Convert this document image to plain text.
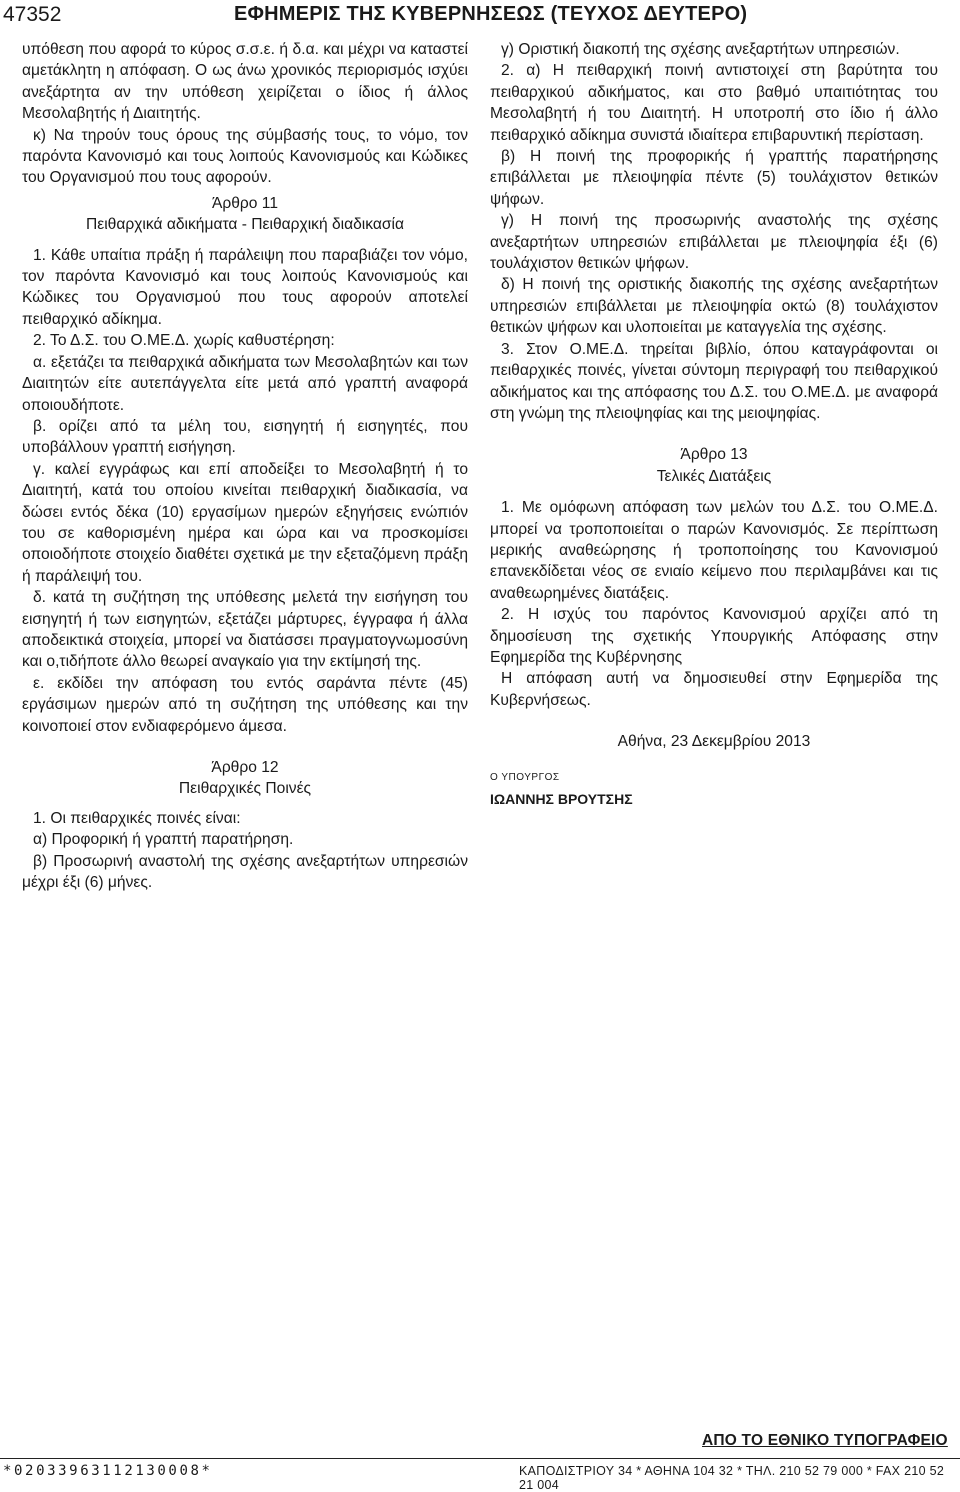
47352	ΕΦΗΜΕΡΙΣ ΤΗΣ ΚΥΒΕΡΝΗΣΕΩΣ (ΤΕΥΧΟΣ ΔΕΥΤΕΡΟ)

υπόθεση που αφορά το κύρος σ.σ.ε. ή δ.α. και μέχρι να καταστεί αμετάκλητη η απόφαση. Ο ως άνω χρονικός περιορισμός ισχύει ανεξάρτητα αν την υπόθεση χειρίζεται ο ίδιος ή άλλος Μεσολαβητής ή Διαιτητής.

κ) Να τηρούν τους όρους της σύμβασής τους, το νόμο, τον παρόντα Κανονισμό και τους λοιπούς Κανονισμούς και Κώδικες του Οργανισμού που τους αφορούν.

Άρθρο 11

Πειθαρχικά αδικήματα - Πειθαρχική διαδικασία

1. Κάθε υπαίτια πράξη ή παράλειψη που παραβιάζει τον νόμο, τον παρόντα Κανονισμό και τους λοιπούς Κανονισμούς και Κώδικες του Οργανισμού που τους αφορούν αποτελεί πειθαρχικό αδίκημα.

2. Το Δ.Σ. του Ο.ΜΕ.Δ. χωρίς καθυστέρηση:

α. εξετάζει τα πειθαρχικά αδικήματα των Μεσολαβητών και των Διαιτητών είτε αυτεπάγγελτα είτε μετά από γραπτή αναφορά οποιουδήποτε.

β. ορίζει από τα μέλη του, εισηγητή ή εισηγητές, που υποβάλλουν γραπτή εισήγηση.

γ. καλεί εγγράφως και επί αποδείξει το Μεσολαβητή ή το Διαιτητή, κατά του οποίου κινείται πειθαρχική διαδικασία, να δώσει εντός δέκα (10) εργασίμων ημερών εξηγήσεις ενώπιόν του σε καθορισμένη ημέρα και ώρα και να προσκομίσει οποιοδήποτε στοιχείο διαθέτει σχετικά με την εξεταζόμενη πράξη ή παράλειψή του.

δ. κατά τη συζήτηση της υπόθεσης μελετά την εισήγηση του εισηγητή ή των εισηγητών, εξετάζει μάρτυρες, έγγραφα ή άλλα αποδεικτικά στοιχεία, μπορεί να διατάσσει πραγματογνωμοσύνη και ο,τιδήποτε άλλο θεωρεί αναγκαίο για την εκτίμησή της.

ε. εκδίδει την απόφαση του εντός σαράντα πέντε (45) εργάσιμων ημερών από τη συζήτηση της υπόθεσης και την κοινοποιεί στον ενδιαφερόμενο άμεσα.

Άρθρο 12

Πειθαρχικές Ποινές

1. Οι πειθαρχικές ποινές είναι:

α) Προφορική ή γραπτή παρατήρηση.

β) Προσωρινή αναστολή της σχέσης ανεξαρτήτων υπηρεσιών μέχρι έξι (6) μήνες.

γ) Οριστική διακοπή της σχέσης ανεξαρτήτων υπηρεσιών.

2. α) Η πειθαρχική ποινή αντιστοιχεί στη βαρύτητα του πειθαρχικού αδικήματος, και στο βαθμό υπαιτιότητας του Μεσολαβητή ή του Διαιτητή. Η υποτροπή στο ίδιο ή άλλο πειθαρχικό αδίκημα συνιστά ιδιαίτερα επιβαρυντική περίσταση.

β) Η ποινή της προφορικής ή γραπτής παρατήρησης επιβάλλεται με πλειοψηφία πέντε (5) τουλάχιστον θετικών ψήφων.

γ) Η ποινή της προσωρινής αναστολής της σχέσης ανεξαρτήτων υπηρεσιών επιβάλλεται με πλειοψηφία έξι (6) τουλάχιστον θετικών ψήφων.

δ) Η ποινή της οριστικής διακοπής της σχέσης ανεξαρτήτων υπηρεσιών επιβάλλεται με πλειοψηφία οκτώ (8) τουλάχιστον θετικών ψήφων και υλοποιείται με καταγγελία της σχέσης.

3. Στον Ο.ΜΕ.Δ. τηρείται βιβλίο, όπου καταγράφονται οι πειθαρχικές ποινές, γίνεται σύντομη περιγραφή του πειθαρχικού αδικήματος και της απόφασης του Δ.Σ. του Ο.ΜΕ.Δ. με αναφορά στη γνώμη της πλειοψηφίας και της μειοψηφίας.

Άρθρο 13

Τελικές Διατάξεις

1. Με ομόφωνη απόφαση των μελών του Δ.Σ. του Ο.ΜΕ.Δ. μπορεί να τροποποιείται ο παρών Κανονισμός. Σε περίπτωση μερικής αναθεώρησης ή τροποποίησης του Κανονισμού επανεκδίδεται νέος σε ενιαίο κείμενο που περιλαμβάνει και τις αναθεωρημένες διατάξεις.

2. Η ισχύς του παρόντος Κανονισμού αρχίζει από τη δημοσίευση της σχετικής Υπουργικής Απόφασης στην Εφημερίδα της Κυβέρνησης

Η απόφαση αυτή να δημοσιευθεί στην Εφημερίδα της Κυβερνήσεως.

Αθήνα, 23 Δεκεμβρίου 2013

Ο ΥΠΟΥΡΓΟΣ

ΙΩΑΝΝΗΣ ΒΡΟΥΤΣΗΣ

ΑΠΟ ΤΟ ΕΘΝΙΚΟ ΤΥΠΟΓΡΑΦΕΙΟ
*02033963112130008*	ΚΑΠΟΔΙΣΤΡΙΟΥ 34 * ΑΘΗΝΑ 104 32 * ΤΗΛ. 210 52 79 000 * FAX 210 52 21 004
